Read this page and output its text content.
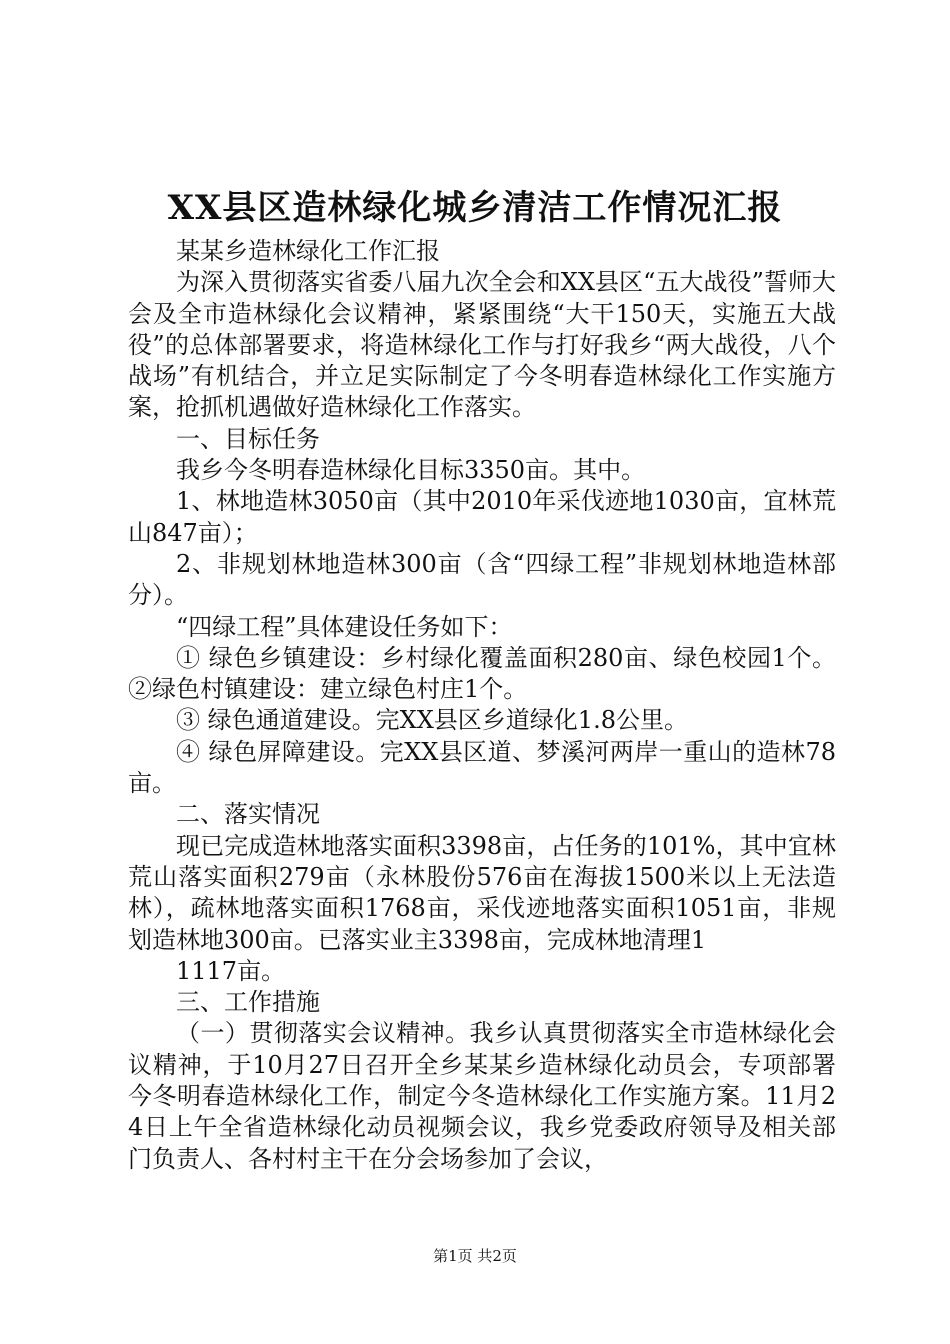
XX县区造林绿化城乡清洁工作情况汇报

某某乡造林绿化工作汇报

为深入贯彻落实省委八届九次全会和XX县区“五大战役”誓师大会及全市造林绿化会议精神，紧紧围绕“大干150天，实施五大战役”的总体部署要求，将造林绿化工作与打好我乡“两大战役，八个战场”有机结合，并立足实际制定了今冬明春造林绿化工作实施方案，抢抓机遇做好造林绿化工作落实。

一、目标任务

我乡今冬明春造林绿化目标3350亩。其中。

1、林地造林3050亩（其中2010年采伐迹地1030亩，宜林荒山847亩）；

2、非规划林地造林300亩（含“四绿工程”非规划林地造林部分）。

“四绿工程”具体建设任务如下：

① 绿色乡镇建设：乡村绿化覆盖面积280亩、绿色校园1个。②绿色村镇建设：建立绿色村庄1个。

③ 绿色通道建设。完XX县区乡道绿化1.8公里。

④ 绿色屏障建设。完XX县区道、梦溪河两岸一重山的造林78亩。

二、落实情况

现已完成造林地落实面积3398亩，占任务的101%，其中宜林荒山落实面积279亩（永林股份576亩在海拔1500米以上无法造林），疏林地落实面积1768亩，采伐迹地落实面积1051亩，非规划造林地300亩。已落实业主3398亩，完成林地清理1

1117亩。

三、工作措施

（一）贯彻落实会议精神。我乡认真贯彻落实全市造林绿化会议精神，于10月27日召开全乡某某乡造林绿化动员会，专项部署今冬明春造林绿化工作，制定今冬造林绿化工作实施方案。11月24日上午全省造林绿化动员视频会议，我乡党委政府领导及相关部门负责人、各村村主干在分会场参加了会议，

第1页 共2页
